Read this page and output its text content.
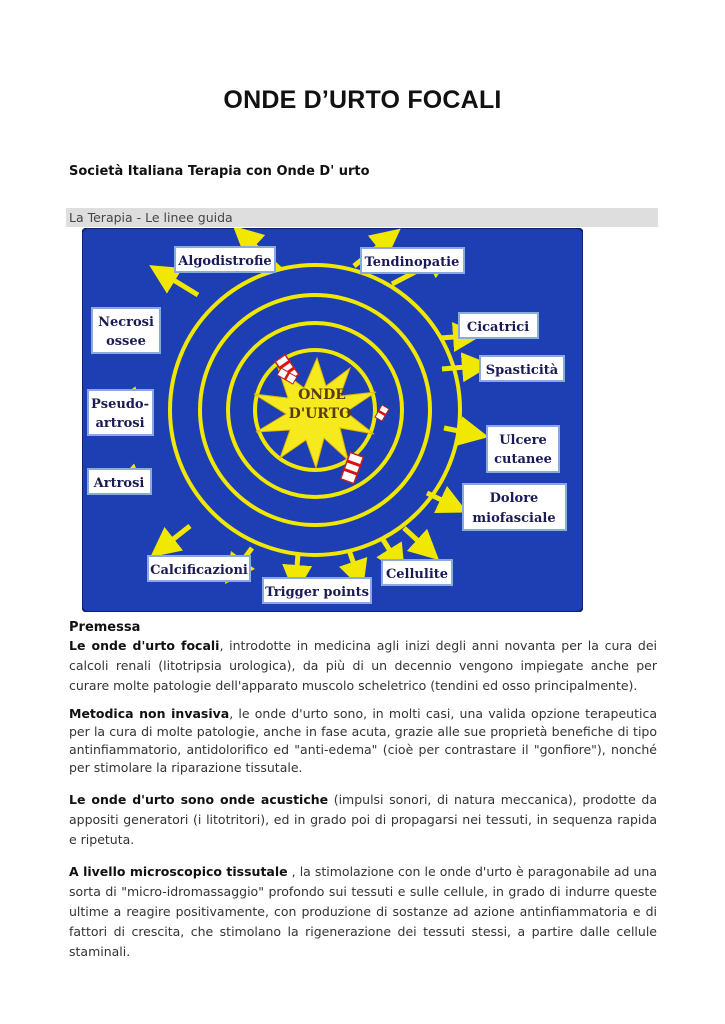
ONDE D’URTO FOCALI
Società Italiana Terapia con Onde D' urto
La Terapia - Le linee guida
ONDE
D'URTO
Algodistrofie	Tendinopatie
Necrosi
ossee
Cicatrici
Spasticità
Pseudo-
artrosi
Ulcere
cutanee
Artrosi
Dolore
miofasciale
Calcificazioni	Cellulite
Trigger points
Premessa
Le onde d'urto focali, introdotte in medicina agli inizi degli anni novanta per la cura dei calcoli renali (litotripsia urologica), da più di un decennio vengono impiegate anche per curare molte patologie dell'apparato muscolo scheletrico (tendini ed osso principalmente).
Metodica non invasiva, le onde d'urto sono, in molti casi, una valida opzione terapeutica per la cura di molte patologie, anche in fase acuta, grazie alle sue proprietà benefiche di tipo antinfiammatorio, antidolorifico ed "anti-edema" (cioè per contrastare il "gonfiore"), nonché per stimolare la riparazione tissutale.
Le onde d'urto sono onde acustiche (impulsi sonori, di natura meccanica), prodotte da appositi generatori (i litotritori), ed in grado poi di propagarsi nei tessuti, in sequenza rapida e ripetuta.
A livello microscopico tissutale , la stimolazione con le onde d'urto è paragonabile ad una sorta di "micro-idromassaggio" profondo sui tessuti e sulle cellule, in grado di indurre queste ultime a reagire positivamente, con produzione di sostanze ad azione antinfiammatoria e di fattori di crescita, che stimolano la rigenerazione dei tessuti stessi, a partire dalle cellule staminali.
